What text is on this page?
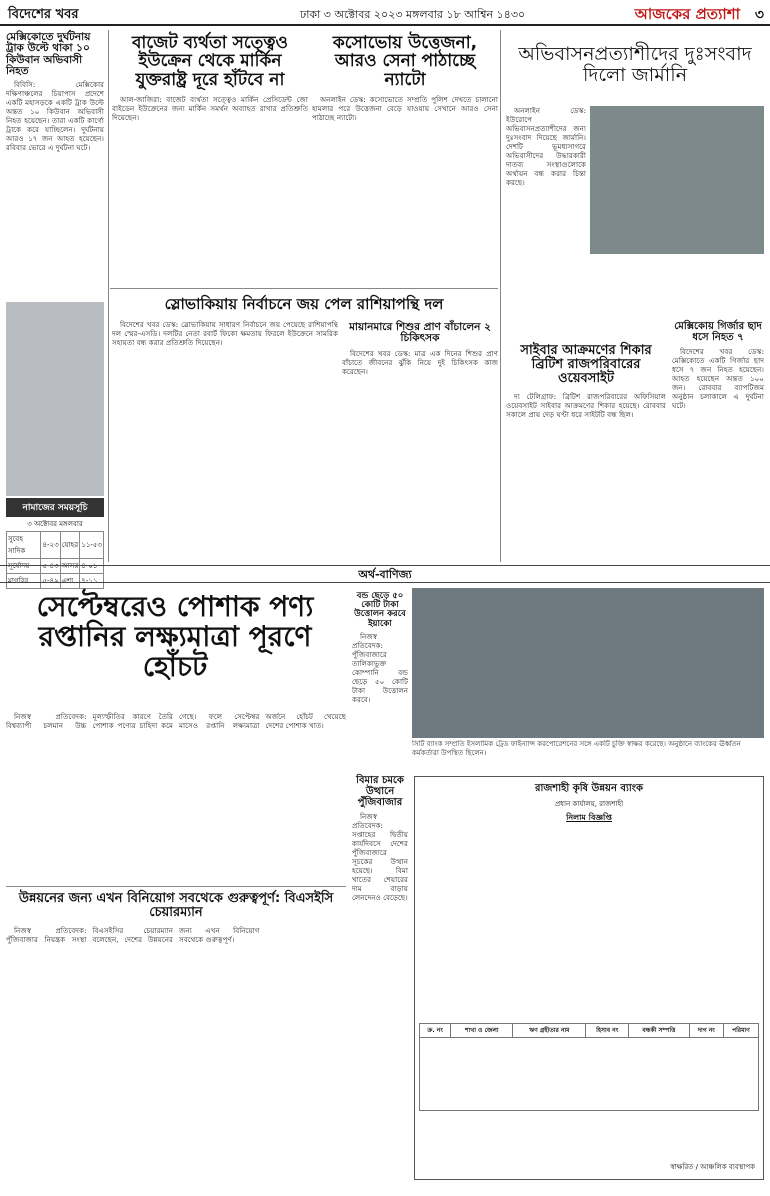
বিদেশের খবর	ঢাকা ৩ অক্টোবর ২০২৩ মঙ্গলবার ১৮ আশ্বিন ১৪৩০	আজকের প্রত্যাশা ৩
মেক্সিকোতে দুর্ঘটনায় ট্রাক উল্টে থাকা ১০ কিউবান অভিবাসী নিহত

বিবিসি: মেক্সিকোর দক্ষিণাঞ্চলের চিয়াপাস প্রদেশে একটি মহাসড়কে একটি ট্রাক উল্টে অন্তত ১০ কিউবান অভিবাসী নিহত হয়েছেন। তারা একটি কার্গো ট্রাকে করে যাচ্ছিলেন। দুর্ঘটনায় আরও ১৭ জন আহত হয়েছেন। রবিবার ভোরে এ দুর্ঘটনা ঘটে।

বাজেট ব্যর্থতা সত্ত্বেও ইউক্রেন থেকে মার্কিন যুক্তরাষ্ট্র দূরে হাঁটবে না

আল-জাজিরা: বাজেট ব্যর্থতা সত্ত্বেও মার্কিন প্রেসিডেন্ট জো বাইডেন ইউক্রেনের জন্য মার্কিন সমর্থন অব্যাহত রাখার প্রতিশ্রুতি দিয়েছেন।

কসোভোয় উত্তেজনা, আরও সেনা পাঠাচ্ছে ন্যাটো

অনলাইন ডেস্ক: কসোভোতে সম্প্রতি পুলিশ দেখতে চালানো হামলার পরে উত্তেজনা বেড়ে যাওয়ায় সেখানে আরও সেনা পাঠাচ্ছে ন্যাটো।

অভিবাসনপ্রত্যাশীদের দুঃসংবাদ দিলো জার্মানি

অনলাইন ডেস্ক: ইউরোপে অভিবাসনপ্রত্যাশীদের জন্য দুঃসংবাদ দিয়েছে জার্মানি। দেশটি ভূমধ্যসাগরে অভিবাসীদের উদ্ধারকারী দাতব্য সংস্থাগুলোকে অর্থায়ন বন্ধ করার চিন্তা করছে।

স্লোভাকিয়ায় নির্বাচনে জয় পেল রাশিয়াপন্থি দল

বিদেশের খবর ডেস্ক: স্লোভাকিয়ায় সাধারণ নির্বাচনে জয় পেয়েছে রাশিয়াপন্থি দল স্মের-এসডি। দলটির নেতা রবার্ট ফিকো ক্ষমতায় ফিরলে ইউক্রেনে সামরিক সহায়তা বন্ধ করার প্রতিশ্রুতি দিয়েছেন।

মায়ানমারে শিশুর প্রাণ বাঁচালেন ২ চিকিৎসক

বিদেশের খবর ডেস্ক: মাত্র এক দিনের শিশুর প্রাণ বাঁচাতে জীবনের ঝুঁকি নিয়ে দুই চিকিৎসক কাজ করেছেন।

সাইবার আক্রমণের শিকার ব্রিটিশ রাজপরিবারের ওয়েবসাইট

দ্য টেলিগ্রাফ: ব্রিটিশ রাজপরিবারের অফিসিয়াল ওয়েবসাইট সাইবার আক্রমণের শিকার হয়েছে। রোববার সকালে প্রায় দেড় ঘণ্টা ধরে সাইটটি বন্ধ ছিল।

মেক্সিকোয় গির্জার ছাদ ধসে নিহত ৭

বিদেশের খবর ডেস্ক: মেক্সিকোতে একটি গির্জার ছাদ ধসে ৭ জন নিহত হয়েছেন। আহত হয়েছেন অন্তত ১০০ জন। রোববার ব্যাপটিজম অনুষ্ঠান চলাকালে এ দুর্ঘটনা ঘটে।

নামাজের সময়সূচি
৩ অক্টোবর মঙ্গলবার
সুবেহ সাদিক	৪-২৩	যোহর	১১-৫৩
সূর্যোদয়	৫-৪৩	আসর	৪-০১
মাগরিব	৫-৪৯	এশা	৭-১১	অর্থ-বাণিজ্য
সেপ্টেম্বরেও পোশাক পণ্য রপ্তানির লক্ষ্যমাত্রা পূরণে হোঁচট

নিজস্ব প্রতিবেদক: বিশ্বব্যাপী চলমান উচ্চ মূল্যস্ফীতির কারণে তৈরি পোশাক পণ্যের চাহিদা কমে গেছে। ফলে সেপ্টেম্বর মাসেও রপ্তানি লক্ষ্যমাত্রা অর্জনে হোঁচট খেয়েছে দেশের পোশাক খাত।

বন্ড ছেড়ে ৫০ কোটি টাকা উত্তোলন করবে ইয়াকো

নিজস্ব প্রতিবেদক: পুঁজিবাজারে তালিকাভুক্ত কোম্পানি বন্ড ছেড়ে ৫০ কোটি টাকা উত্তোলন করবে।

সিটি ব্যাংক সম্প্রতি ইসলামিক ট্রেড ফাইন্যান্স করপোরেশনের সঙ্গে একটি চুক্তি স্বাক্ষর করেছে। অনুষ্ঠানে ব্যাংকের ঊর্ধ্বতন কর্মকর্তারা উপস্থিত ছিলেন।
উন্নয়নের জন্য এখন বিনিয়োগ সবথেকে গুরুত্বপূর্ণ: বিএসইসি চেয়ারম্যান

নিজস্ব প্রতিবেদক: পুঁজিবাজার নিয়ন্ত্রক সংস্থা বিএসইসির চেয়ারম্যান বলেছেন, দেশের উন্নয়নের জন্য এখন বিনিয়োগ সবথেকে গুরুত্বপূর্ণ।

বিমার চমকে উত্থানে পুঁজিবাজার

নিজস্ব প্রতিবেদক: সপ্তাহের দ্বিতীয় কার্যদিবসে দেশের পুঁজিবাজারে সূচকের উত্থান হয়েছে। বিমা খাতের শেয়ারের দাম বাড়ায় লেনদেনও বেড়েছে।

রাজশাহী কৃষি উন্নয়ন ব্যাংক
প্রধান কার্যালয়, রাজশাহী
নিলাম বিজ্ঞপ্তি
ক্র. নং	শাখা ও জেলা	ঋণ গ্রহীতার নাম	হিসাব নং	বন্ধকী সম্পত্তি	দাগ নং	পরিমাণ

স্বাক্ষরিত / আঞ্চলিক ব্যবস্থাপক
